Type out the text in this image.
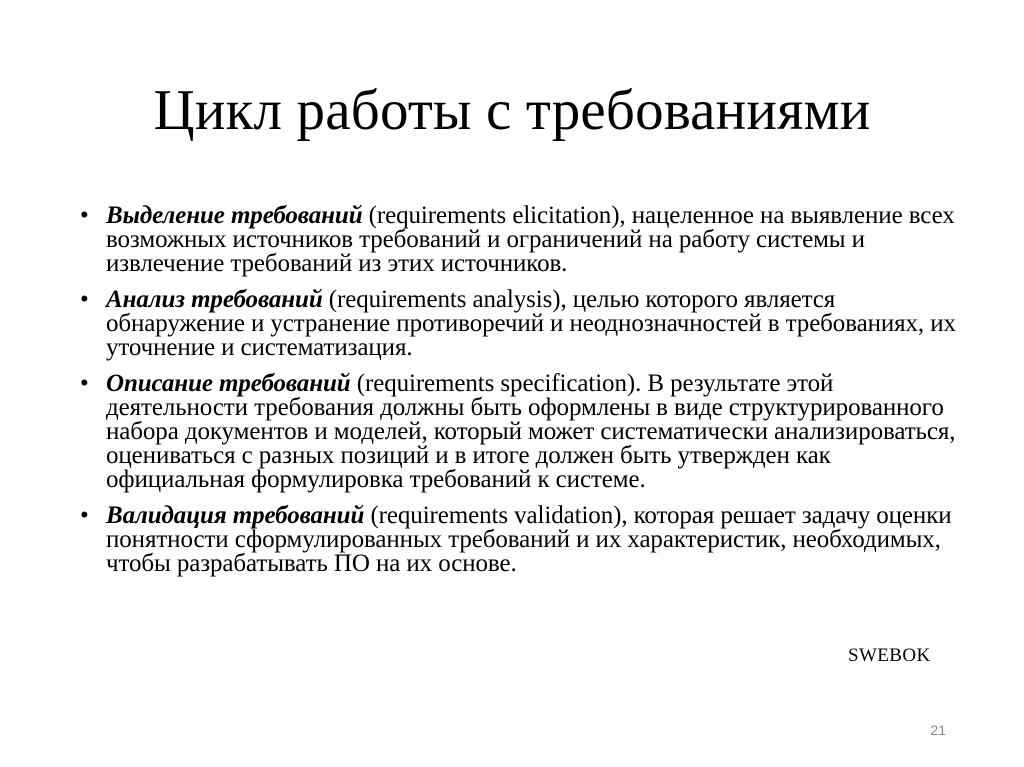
Цикл работы с требованиями
• Выделение требований (requirements elicitation), нацеленное на выявление всех возможных источников требований и ограничений на работу системы и извлечение требований из этих источников.
• Анализ требований (requirements analysis), целью которого является обнаружение и устранение противоречий и неоднозначностей в требованиях, их уточнение и систематизация.
• Описание требований (requirements specification). В результате этой деятельности требования должны быть оформлены в виде структурированного набора документов и моделей, который может систематически анализироваться, оцениваться с разных позиций и в итоге должен быть утвержден как официальная формулировка требований к системе.
• Валидация требований (requirements validation), которая решает задачу оценки понятности сформулированных требований и их характеристик, необходимых, чтобы разрабатывать ПО на их основе.
SWEBOK
21
